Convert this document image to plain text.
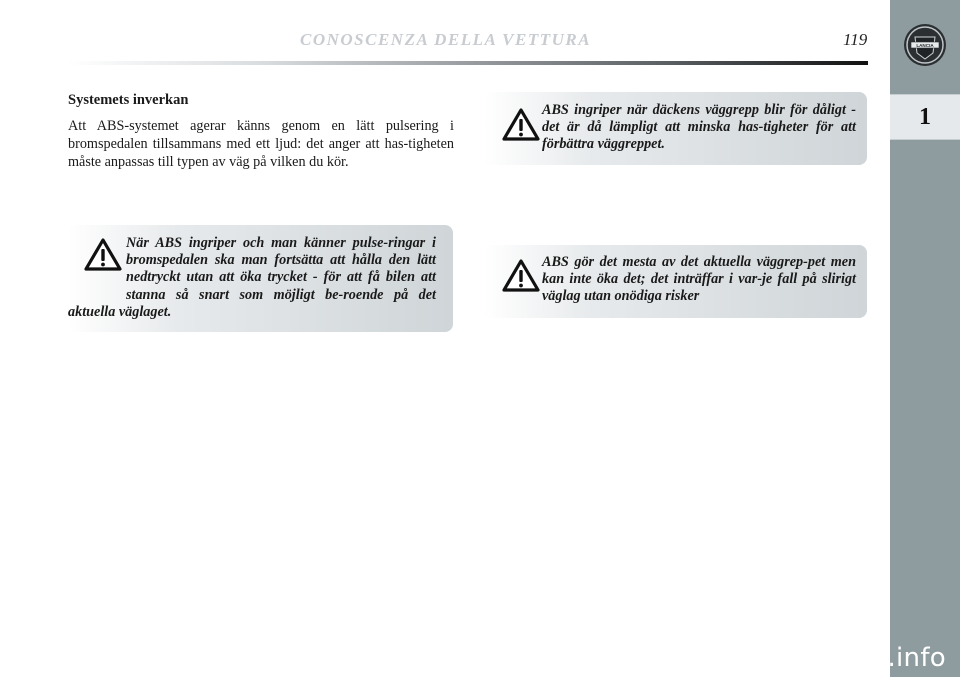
CONOSCENZA DELLA VETTURA	119	LANCIA
1
Systemets inverkan
Att ABS-systemet agerar känns genom en lätt pulsering i bromspedalen tillsammans med ett ljud: det anger att has-tigheten måste anpassas till typen av väg på vilken du kör.
ABS ingriper när däckens väggrepp blir för dåligt - det är då lämpligt att minska has-tigheter för att förbättra väggreppet.
När ABS ingriper och man känner pulse-ringar i bromspedalen ska man fortsätta att hålla den lätt nedtryckt utan att öka trycket - för att få bilen att stanna så snart som möjligt be-roende på det aktuella väglaget.
ABS gör det mesta av det aktuella väggrep-pet men kan inte öka det; det inträffar i var-je fall på slirigt väglag utan onödiga risker
carmanualsonline.info
